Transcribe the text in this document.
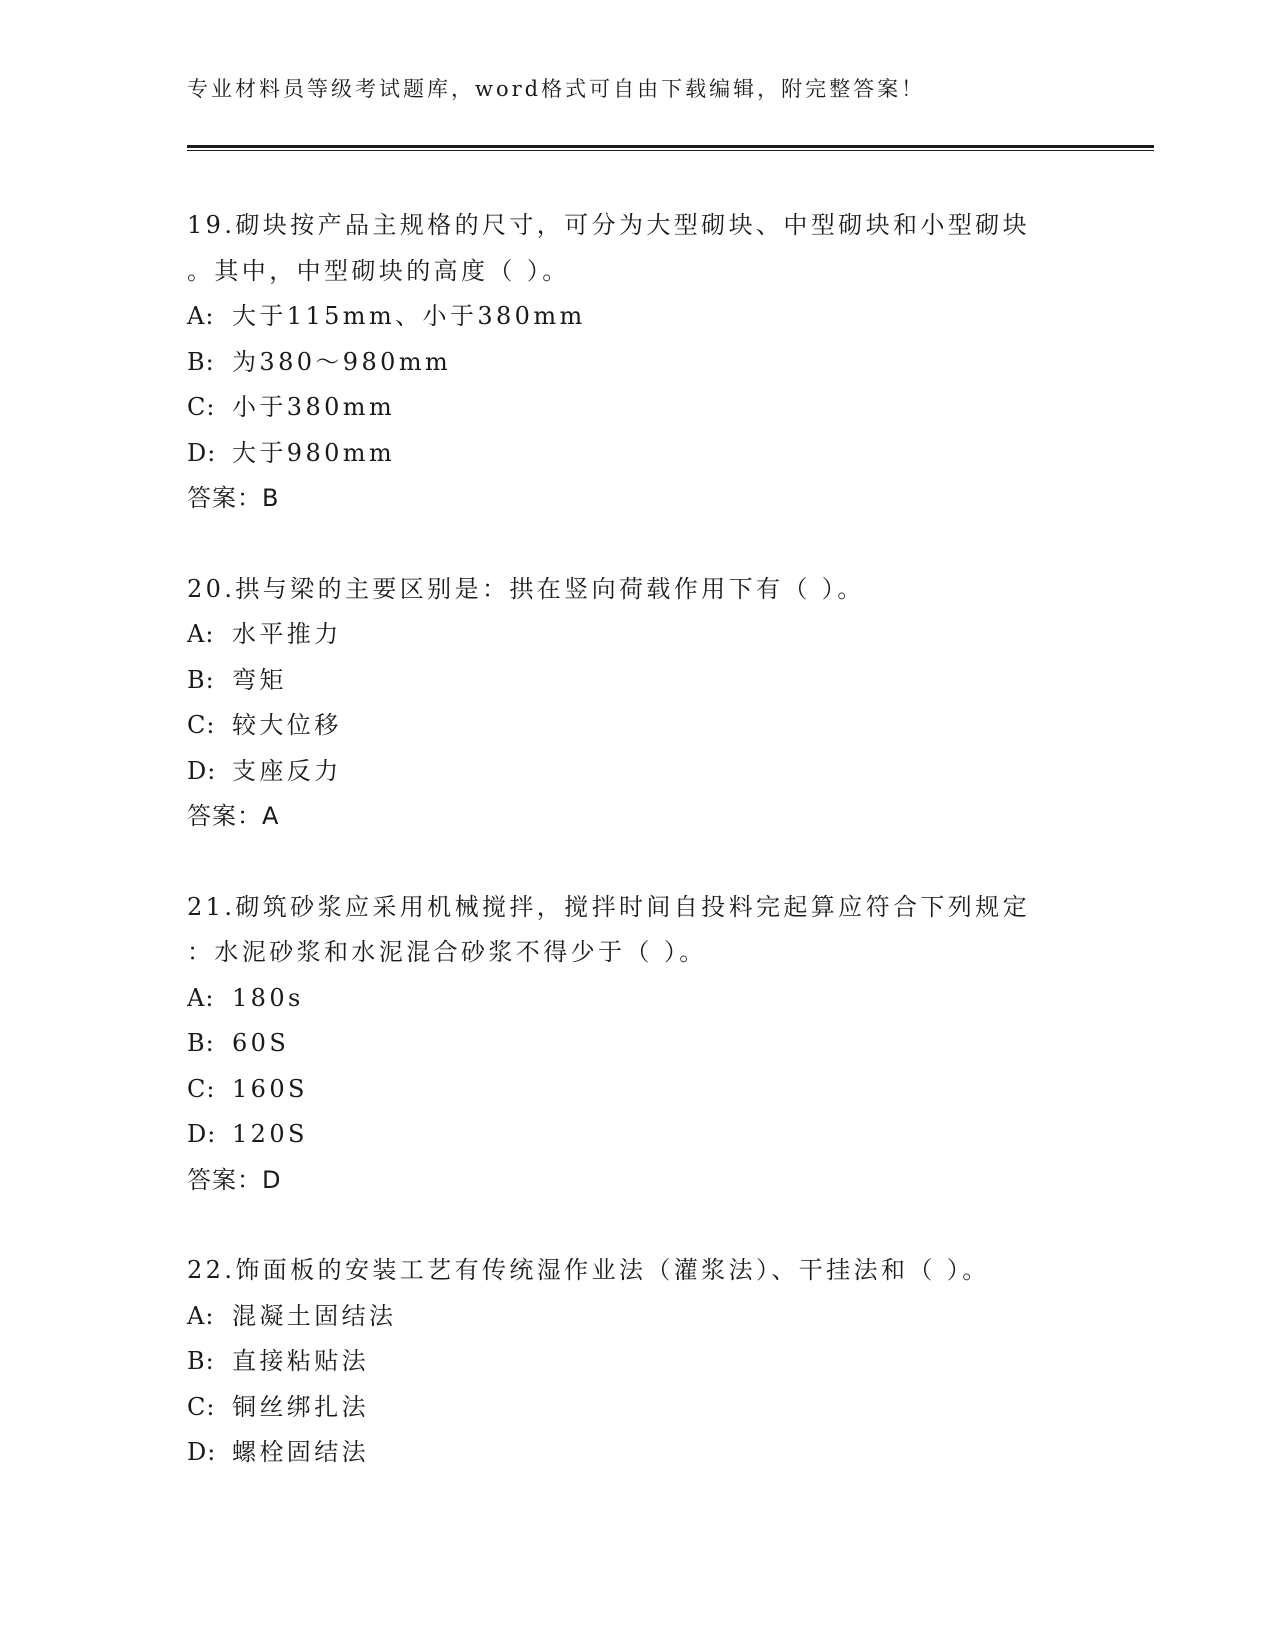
专业材料员等级考试题库，word格式可自由下载编辑，附完整答案！
19.砌块按产品主规格的尺寸，可分为大型砌块、中型砌块和小型砌块
。其中，中型砌块的高度（ ）。
A: 大于115mm、小于380mm
B: 为380～980mm
C: 小于380mm
D: 大于980mm
答案：B
20.拱与梁的主要区别是：拱在竖向荷载作用下有（ ）。
A: 水平推力
B: 弯矩
C: 较大位移
D: 支座反力
答案：A
21.砌筑砂浆应采用机械搅拌，搅拌时间自投料完起算应符合下列规定
：水泥砂浆和水泥混合砂浆不得少于（ ）。
A: 180s
B: 60S
C: 160S
D: 120S
答案：D
22.饰面板的安装工艺有传统湿作业法（灌浆法）、干挂法和（ ）。
A: 混凝土固结法
B: 直接粘贴法
C: 铜丝绑扎法
D: 螺栓固结法
